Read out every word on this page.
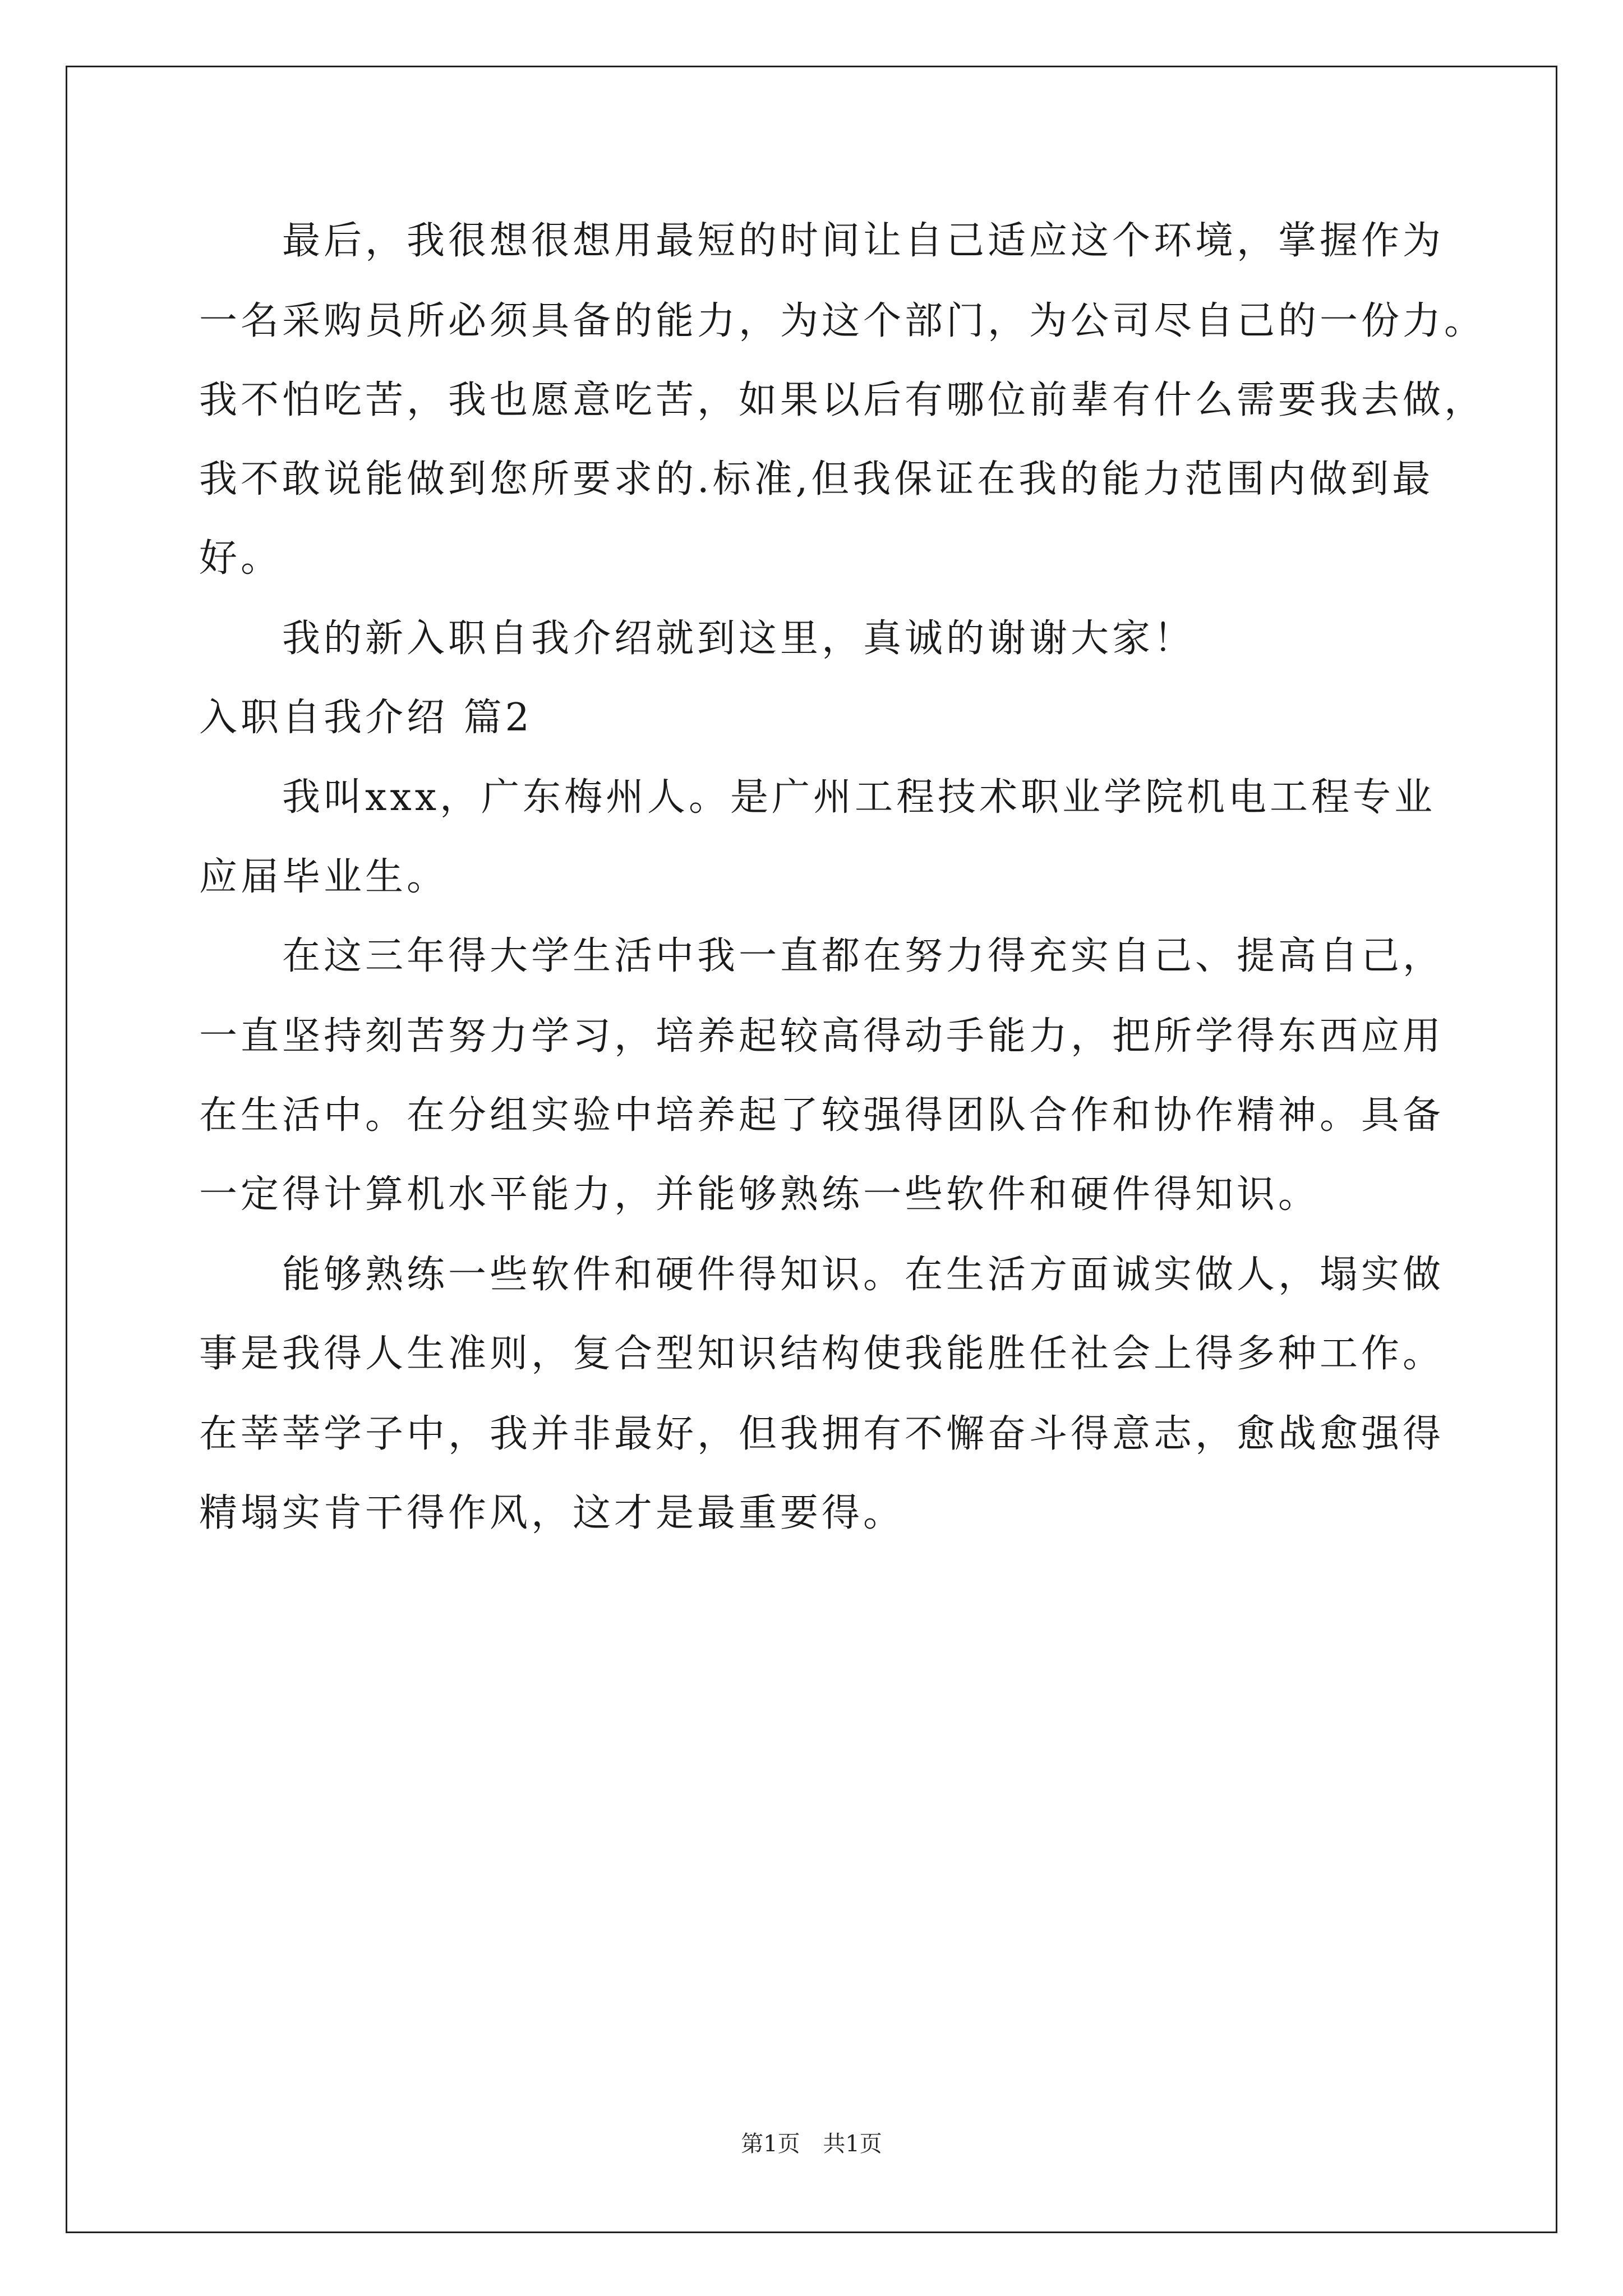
最后，我很想很想用最短的时间让自己适应这个环境，掌握作为
一名采购员所必须具备的能力，为这个部门，为公司尽自己的一份力。
我不怕吃苦，我也愿意吃苦，如果以后有哪位前辈有什么需要我去做，
我不敢说能做到您所要求的.标准,但我保证在我的能力范围内做到最
好。
我的新入职自我介绍就到这里，真诚的谢谢大家！
入职自我介绍 篇2
我叫xxx，广东梅州人。是广州工程技术职业学院机电工程专业
应届毕业生。
在这三年得大学生活中我一直都在努力得充实自己、提高自己，
一直坚持刻苦努力学习，培养起较高得动手能力，把所学得东西应用
在生活中。在分组实验中培养起了较强得团队合作和协作精神。具备
一定得计算机水平能力，并能够熟练一些软件和硬件得知识。
能够熟练一些软件和硬件得知识。在生活方面诚实做人，塌实做
事是我得人生准则，复合型知识结构使我能胜任社会上得多种工作。
在莘莘学子中，我并非最好，但我拥有不懈奋斗得意志，愈战愈强得
精塌实肯干得作风，这才是最重要得。
第1页 共1页
